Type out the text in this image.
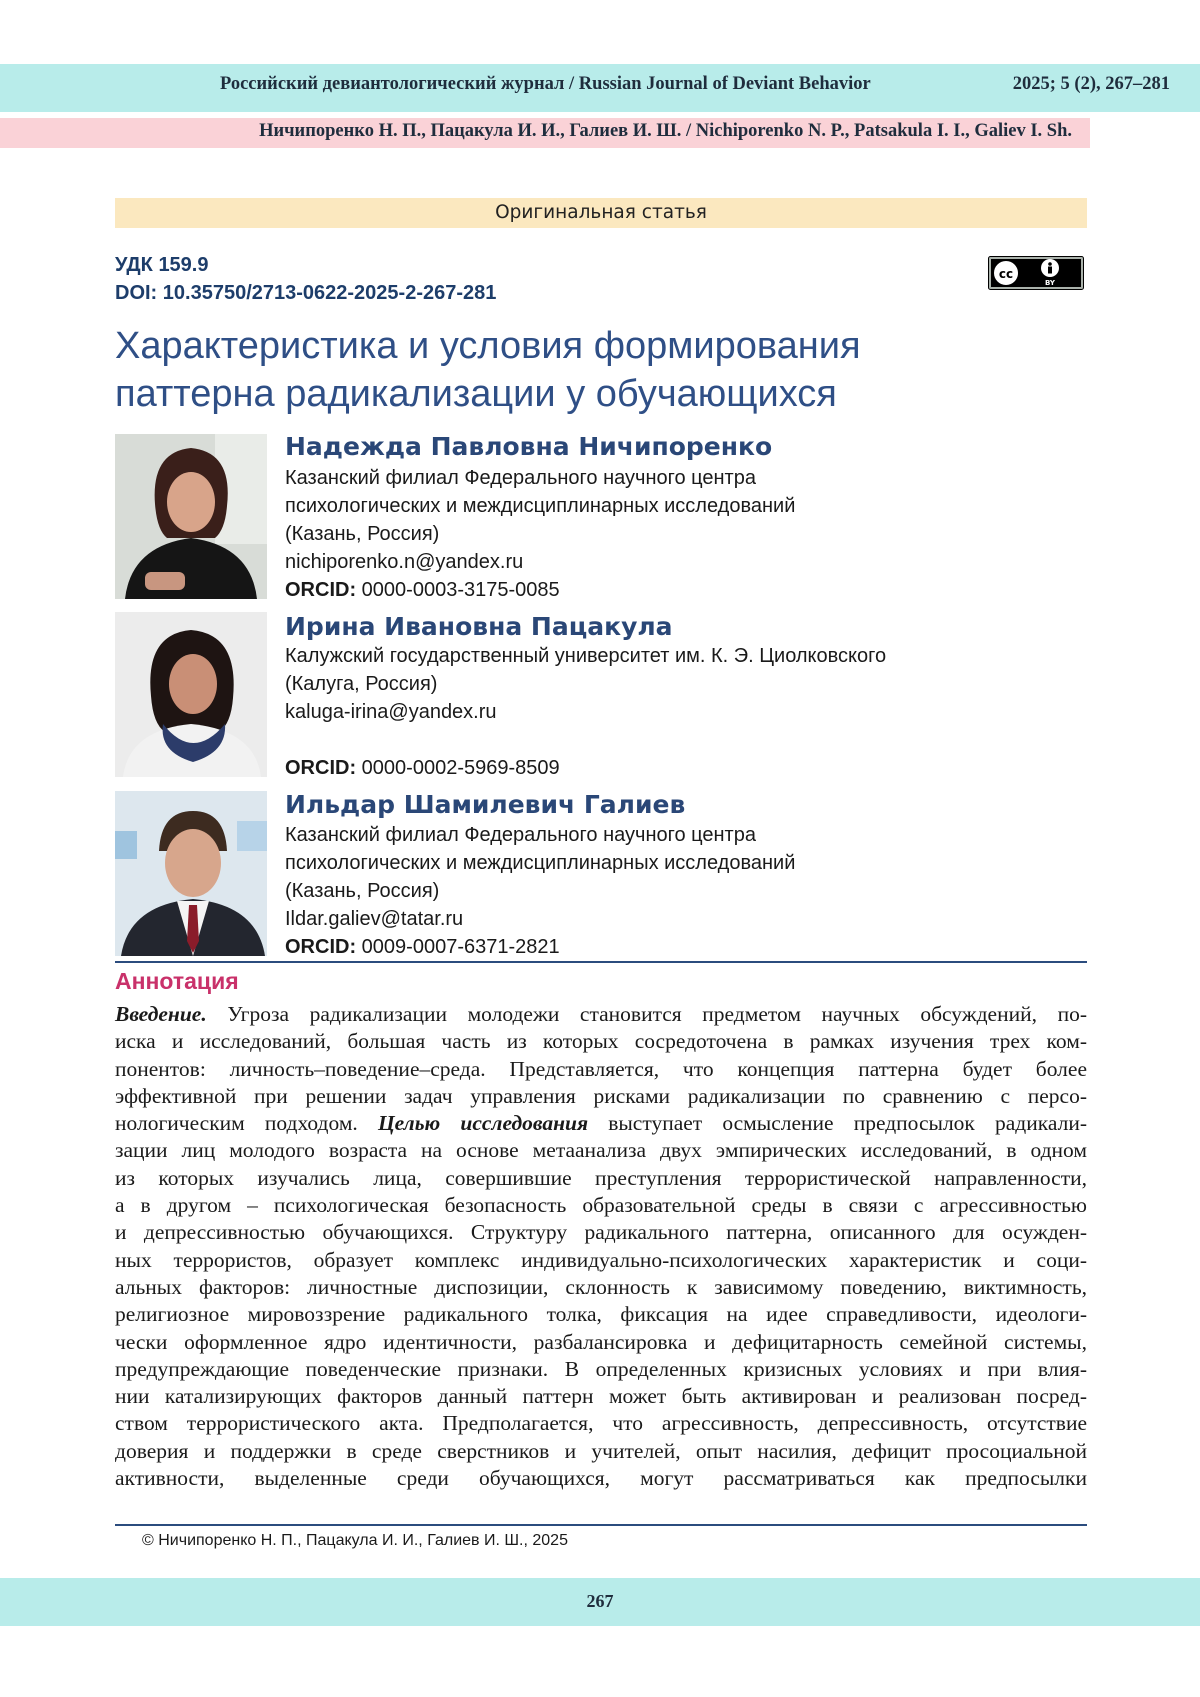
Российский девиантологический журнал / Russian Journal of Deviant Behavior	2025; 5 (2), 267–281
Ничипоренко Н. П., Пацакула И. И., Галиев И. Ш. / Nichiporenko N. P., Patsakula I. I., Galiev I. Sh.
Оригинальная статья
УДК 159.9
DOI: 10.35750/2713-0622-2025-2-267-281
cc
BY
Характеристика и условия формирования
паттерна радикализации у обучающихся
Надежда Павловна Ничипоренко
Казанский филиал Федерального научного центра
психологических и междисциплинарных исследований
(Казань, Россия)
nichiporenko.n@yandex.ru
ORCID: 0000-0003-3175-0085
Ирина Ивановна Пацакула
Калужский государственный университет им. К. Э. Циолковского
(Калуга, Россия)
kaluga-irina@yandex.ru
ORCID: 0000-0002-5969-8509
Ильдар Шамилевич Галиев
Казанский филиал Федерального научного центра
психологических и междисциплинарных исследований
(Казань, Россия)
Ildar.galiev@tatar.ru
ORCID: 0009-0007-6371-2821
Аннотация
Введение. Угроза радикализации молодежи становится предметом научных обсуждений, по-
иска и исследований, большая часть из которых сосредоточена в рамках изучения трех ком-
понентов: личность–поведение–среда. Представляется, что концепция паттерна будет более
эффективной при решении задач управления рисками радикализации по сравнению с персо-
нологическим подходом. Целью исследования выступает осмысление предпосылок радикали-
зации лиц молодого возраста на основе метаанализа двух эмпирических исследований, в одном
из которых изучались лица, совершившие преступления террористической направленности,
а в другом – психологическая безопасность образовательной среды в связи с агрессивностью
и депрессивностью обучающихся. Структуру радикального паттерна, описанного для осужден-
ных террористов, образует комплекс индивидуально-психологических характеристик и соци-
альных факторов: личностные диспозиции, склонность к зависимому поведению, виктимность,
религиозное мировоззрение радикального толка, фиксация на идее справедливости, идеологи-
чески оформленное ядро идентичности, разбалансировка и дефицитарность семейной системы,
предупреждающие поведенческие признаки. В определенных кризисных условиях и при влия-
нии катализирующих факторов данный паттерн может быть активирован и реализован посред-
ством террористического акта. Предполагается, что агрессивность, депрессивность, отсутствие
доверия и поддержки в среде сверстников и учителей, опыт насилия, дефицит просоциальной
активности, выделенные среди обучающихся, могут рассматриваться как предпосылки
© Ничипоренко Н. П., Пацакула И. И., Галиев И. Ш., 2025
267
